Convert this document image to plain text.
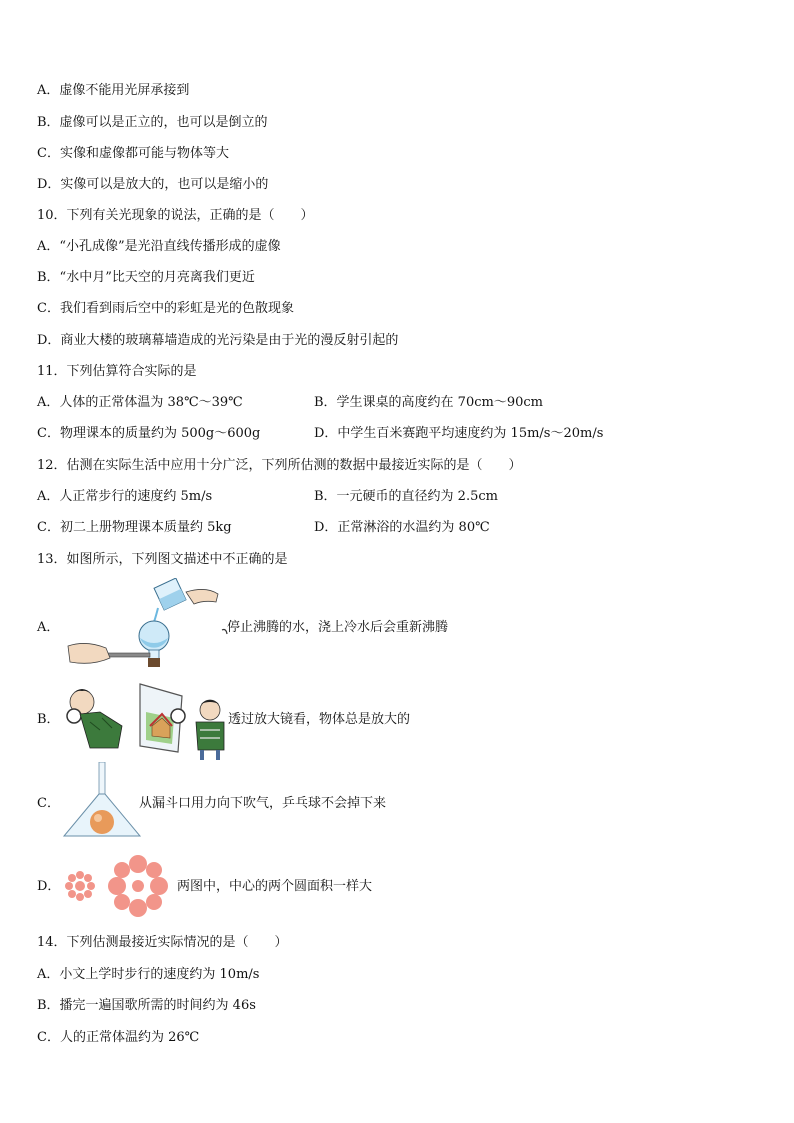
A．虚像不能用光屏承接到
B．虚像可以是正立的，也可以是倒立的
C．实像和虚像都可能与物体等大
D．实像可以是放大的，也可以是缩小的
10．下列有关光现象的说法，正确的是（　　）
A．“小孔成像”是光沿直线传播形成的虚像
B．“水中月”比天空的月亮离我们更近
C．我们看到雨后空中的彩虹是光的色散现象
D．商业大楼的玻璃幕墙造成的光污染是由于光的漫反射引起的
11．下列估算符合实际的是
A．人体的正常体温为 38℃～39℃	B．学生课桌的高度约在 70cm～90cm
C．物理课本的质量约为 500g～600g	D．中学生百米赛跑平均速度约为 15m/s～20m/s
12．估测在实际生活中应用十分广泛，下列所估测的数据中最接近实际的是（　　）
A．人正常步行的速度约 5m/s	B．一元硬币的直径约为 2.5cm
C．初二上册物理课本质量约 5kg	D．正常淋浴的水温约为 80℃
13．如图所示，下列图文描述中不正确的是
A．	停止沸腾的水，浇上冷水后会重新沸腾
B．	透过放大镜看，物体总是放大的
C．	从漏斗口用力向下吹气，乒乓球不会掉下来
D．	两图中，中心的两个圆面积一样大
14．下列估测最接近实际情况的是（　　）
A．小文上学时步行的速度约为 10m/s
B．播完一遍国歌所需的时间约为 46s
C．人的正常体温约为 26℃
